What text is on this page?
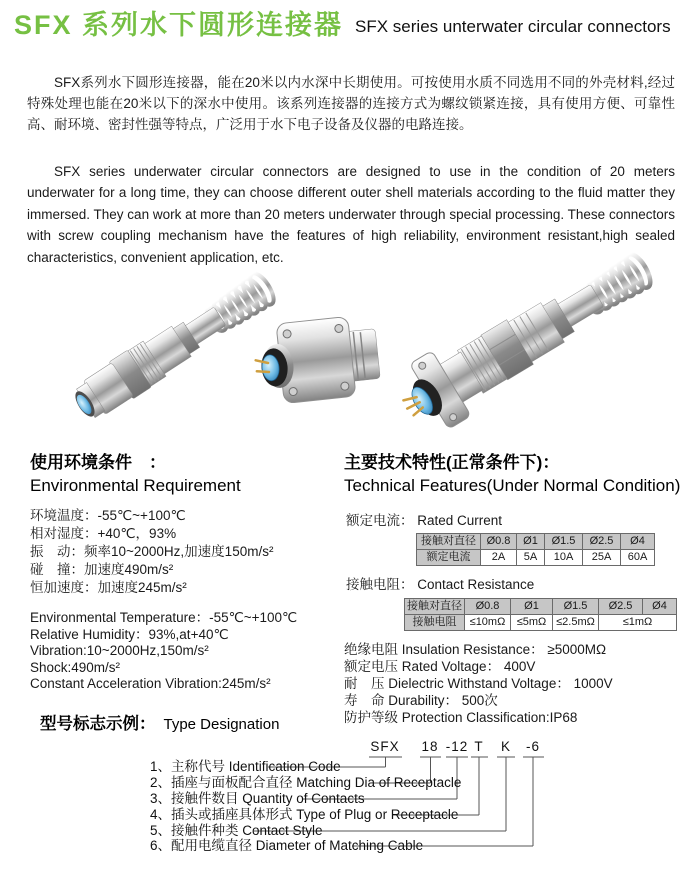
SFX 系列水下圆形连接器 SFX series unterwater circular connectors

SFX系列水下圆形连接器，能在20米以内水深中长期使用。可按使用水质不同选用不同的外壳材料,经过特殊处理也能在20米以下的深水中使用。该系列连接器的连接方式为螺纹锁紧连接，具有使用方便、可靠性高、耐环境、密封性强等特点，广泛用于水下电子设备及仪器的电路连接。

SFX series underwater circular connectors are designed to use in the condition of 20 meters underwater for a long time, they can choose different outer shell materials according to the fluid matter they immersed. They can work at more than 20 meters underwater through special processing. These connectors with screw coupling mechanism have the features of high reliability, environment resistant,high sealed characteristics, convenient application, etc.

使用环境条件　：
Environmental Requirement
环境温度：-55℃~+100℃
相对湿度：+40℃，93%
振　动：频率10~2000Hz,加速度150m/s²
碰　撞：加速度490m/s²
恒加速度：加速度245m/s²
Environmental Temperature：-55℃~+100℃
Relative Humidity：93%,at+40℃
Vibration:10~2000Hz,150m/s²
Shock:490m/s²
Constant Acceleration Vibration:245m/s²
主要技术特性(正常条件下)：
Technical Features(Under Normal Condition)
额定电流： Rated Current
接触对直径	Ø0.8	Ø1	Ø1.5	Ø2.5	Ø4
额定电流	2A	5A	10A	25A	60A
接触电阻： Contact Resistance
接触对直径	Ø0.8	Ø1	Ø1.5	Ø2.5	Ø4
接触电阻	≤10mΩ	≤5mΩ	≤2.5mΩ	≤1mΩ	
绝缘电阻 Insulation Resistance： ≥5000MΩ
额定电压 Rated Voltage： 400V
耐　压 Dielectric Withstand Voltage： 1000V
寿　命 Durability： 500次
防护等级 Protection Classification:IP68
型号标志示例： Type Designation
SFX 18 -12 T K -6
1、主称代号 Identification Code
2、插座与面板配合直径 Matching Dia of Receptacle
3、接触件数目 Quantity of Contacts
4、插头或插座具体形式 Type of Plug or Receptacle
5、接触件种类 Contact Style
6、配用电缆直径 Diameter of Matching Cable
